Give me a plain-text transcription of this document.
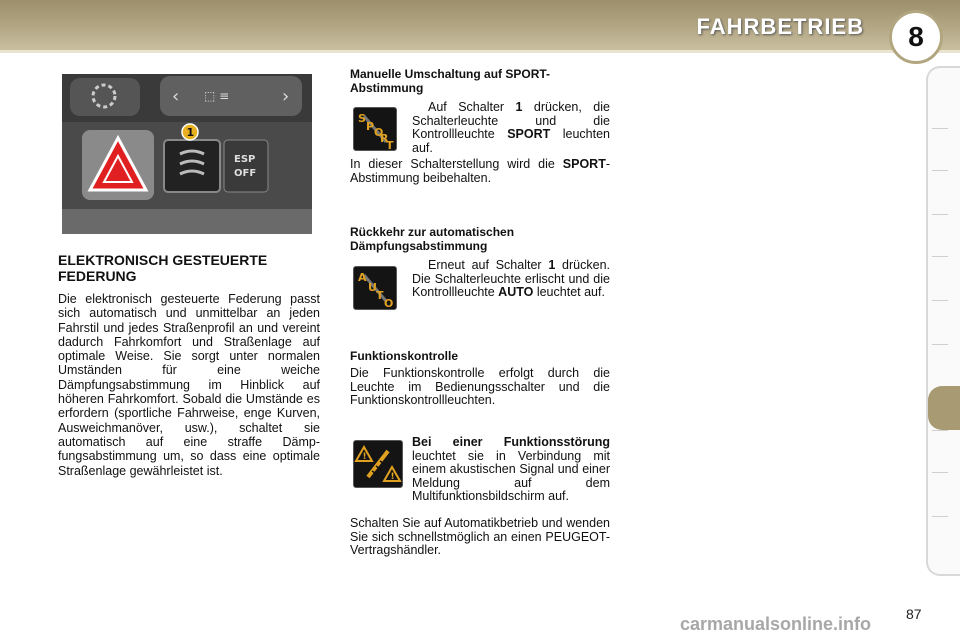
FAHRBETRIEB	8
‹ ⬚ ≡	›
1
ESP
OFF
ELEKTRONISCH GESTEUERTE FEDERUNG

Die elektronisch gesteuerte Federung passt sich automatisch und unmittelbar an jeden Fahrstil und jedes Straßenprofil an und vereint dadurch Fahrkomfort und Straßenlage auf optimale Weise. Sie sorgt unter normalen Umständen für eine weiche Dämpfungsabstimmung im Hinblick auf höheren Fahrkomfort. Sobald die Umstände es erfordern (sportliche Fahrweise, enge Kurven, Ausweichmanöver, usw.), schaltet sie automatisch auf eine straffe Dämpfungsabstimmung um, so dass eine optimale Straßenlage gewährleistet ist.

Manuelle Umschaltung auf SPORT-Abstimmung
S
P O
R
T

Auf Schalter 1 drücken, die Schalterleuchte und die Kontrollleuchte SPORT leuchten auf.

In dieser Schalterstellung wird die SPORT-Abstimmung beibehalten.

Rückkehr zur automatischen Dämpfungsabstimmung
A
U
T
O

Erneut auf Schalter 1 drücken. Die Schalterleuchte erlischt und die Kontrollleuchte AUTO leuchtet auf.

Funktionskontrolle

Die Funktionskontrolle erfolgt durch die Leuchte im Bedienungsschalter und die Funktionskontrollleuchten.

!
!

Bei einer Funktionsstörung leuchtet sie in Verbindung mit einem akustischen Signal und einer Meldung auf dem Multifunktionsbildschirm auf.

Schalten Sie auf Automatikbetrieb und wenden Sie sich schnellstmöglich an einen PEUGEOT-Vertragshändler.

87
carmanualsonline.info
